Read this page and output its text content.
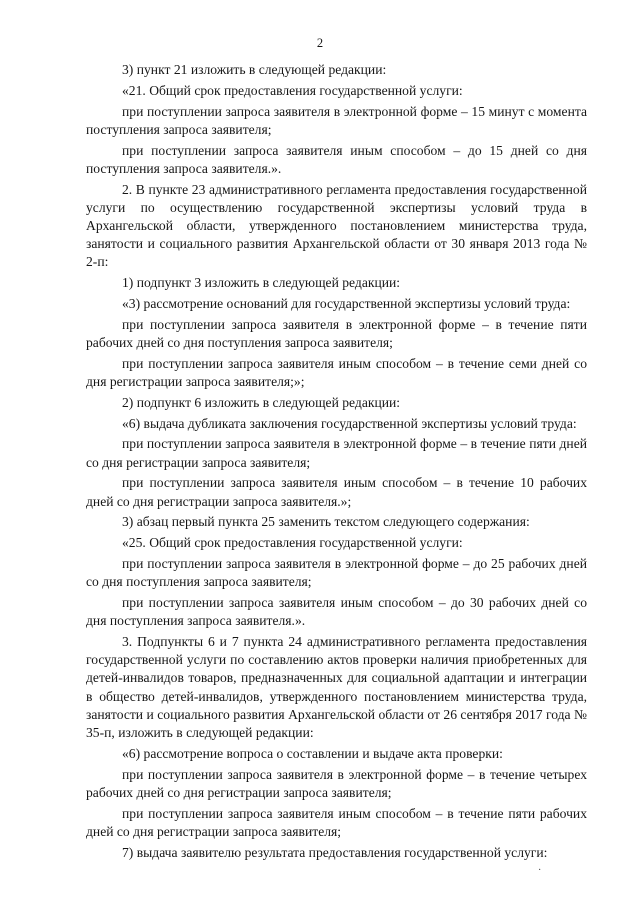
2

3) пункт 21 изложить в следующей редакции:

«21. Общий срок предоставления государственной услуги:

при поступлении запроса заявителя в электронной форме – 15 минут с момента поступления запроса заявителя;

при поступлении запроса заявителя иным способом – до 15 дней со дня поступления запроса заявителя.».

2. В пункте 23 административного регламента предоставления государственной услуги по осуществлению государственной экспертизы условий труда в Архангельской области, утвержденного постановлением министерства труда, занятости и социального развития Архангельской области от 30 января 2013 года № 2-п:

1) подпункт 3 изложить в следующей редакции:

«3) рассмотрение оснований для государственной экспертизы условий труда:

при поступлении запроса заявителя в электронной форме – в течение пяти рабочих дней со дня поступления запроса заявителя;

при поступлении запроса заявителя иным способом – в течение семи дней со дня регистрации запроса заявителя;»;

2) подпункт 6 изложить в следующей редакции:

«6) выдача дубликата заключения государственной экспертизы условий труда:

при поступлении запроса заявителя в электронной форме – в течение пяти дней со дня регистрации запроса заявителя;

при поступлении запроса заявителя иным способом – в течение 10 рабочих дней со дня регистрации запроса заявителя.»;

3) абзац первый пункта 25 заменить текстом следующего содержания:

«25. Общий срок предоставления государственной услуги:

при поступлении запроса заявителя в электронной форме – до 25 рабочих дней со дня поступления запроса заявителя;

при поступлении запроса заявителя иным способом – до 30 рабочих дней со дня поступления запроса заявителя.».

3. Подпункты 6 и 7 пункта 24 административного регламента предоставления государственной услуги по составлению актов проверки наличия приобретенных для детей-инвалидов товаров, предназначенных для социальной адаптации и интеграции в общество детей-инвалидов, утвержденного постановлением министерства труда, занятости и социального развития Архангельской области от 26 сентября 2017 года № 35-п, изложить в следующей редакции:

«6) рассмотрение вопроса о составлении и выдаче акта проверки:

при поступлении запроса заявителя в электронной форме – в течение четырех рабочих дней со дня регистрации запроса заявителя;

при поступлении запроса заявителя иным способом – в течение пяти рабочих дней со дня регистрации запроса заявителя;

7) выдача заявителю результата предоставления государственной услуги:

·
